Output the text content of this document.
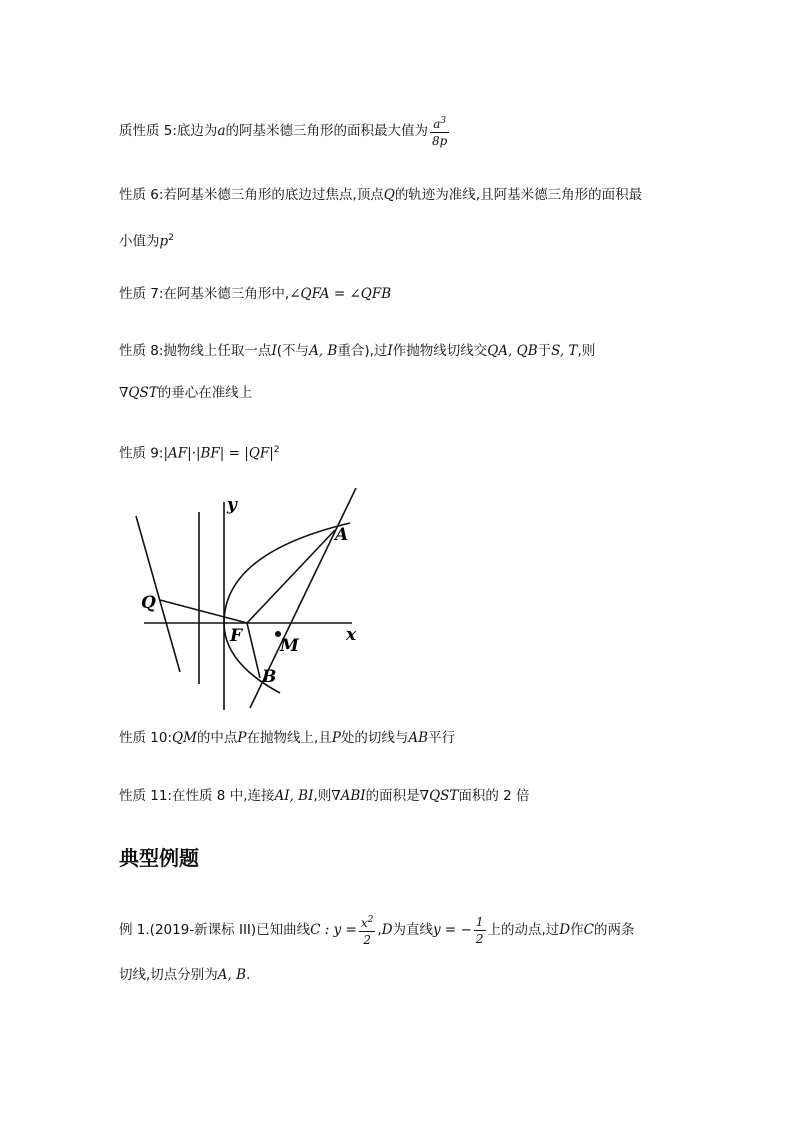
质性质 5:底边为a的阿基米德三角形的面积最大值为 $\frac{a^3}{8p}$
性质 6:若阿基米德三角形的底边过焦点,顶点Q的轨迹为准线,且阿基米德三角形的面积最
小值为$p^2$
性质 7:在阿基米德三角形中,∠QFA = ∠QFB
性质 8:抛物线上任取一点I(不与A, B重合),过I作抛物线切线交QA, QB于S, T,则
∇QST的垂心在准线上
性质 9:|AF|·|BF| = $|QF|^2$
y
x
Q
A
F M
B
性质 10:QM的中点P在抛物线上,且P处的切线与AB平行
性质 11:在性质 8 中,连接AI, BI,则∇ABI的面积是∇QST面积的 2 倍
典型例题
例 1.(2019-新课标 III)已知曲线C : $y = \frac{x^2}{2} ,D$为直线y = − $\frac{1}{2}$ 上的动点,过D作C的两条
切线,切点分别为A, B.
